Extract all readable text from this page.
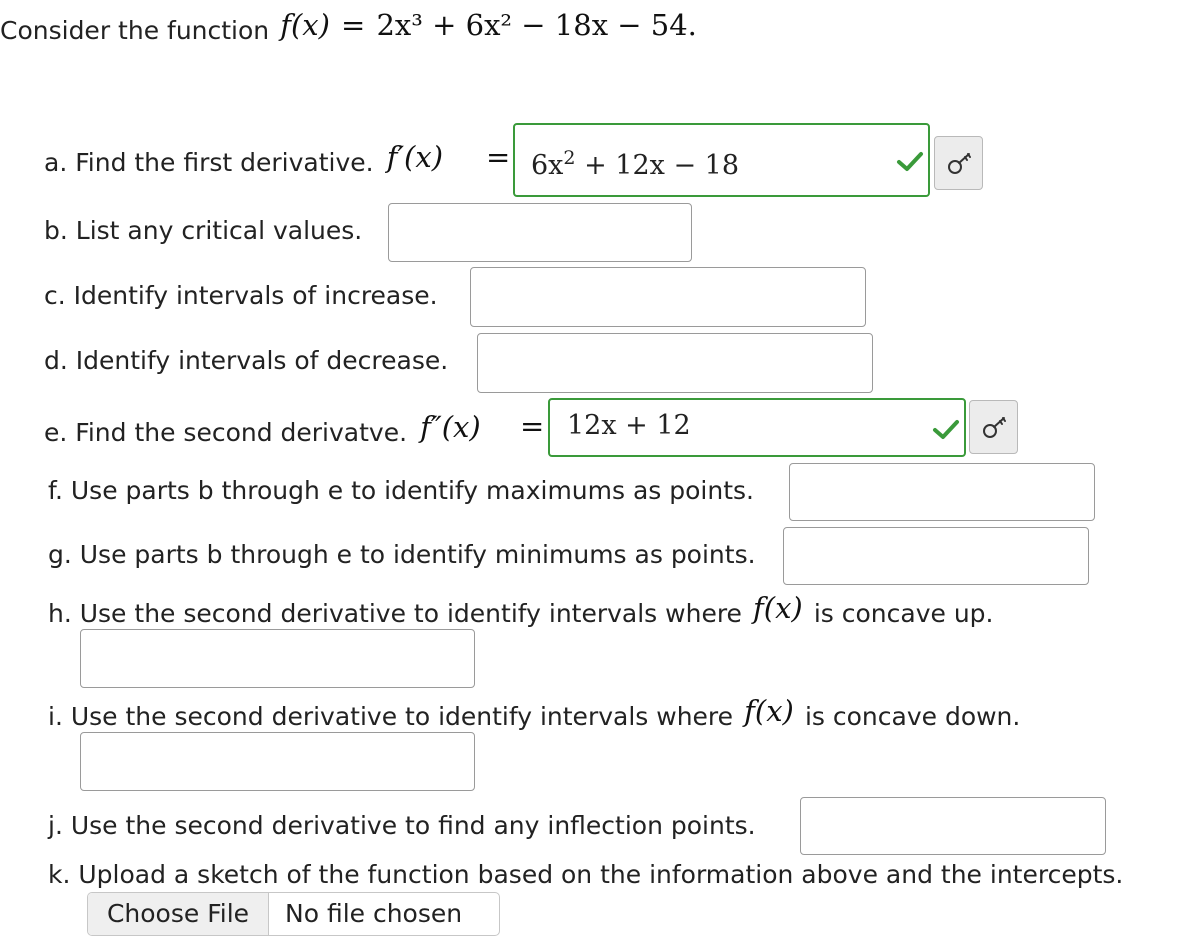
Consider the function f(x) = 2x³ + 6x² − 18x − 54.
a. Find the first derivative. $f'(x) = 6x^2 + 12x - 18$
b. List any critical values.
c. Identify intervals of increase.
d. Identify intervals of decrease.
e. Find the second derivatve. f″(x) = 12x + 12
f. Use parts b through e to identify maximums as points.
g. Use parts b through e to identify minimums as points.
h. Use the second derivative to identify intervals where f(x) is concave up.
i. Use the second derivative to identify intervals where f(x) is concave down.
j. Use the second derivative to find any inflection points.
k. Upload a sketch of the function based on the information above and the intercepts.
Choose File	No file chosen
